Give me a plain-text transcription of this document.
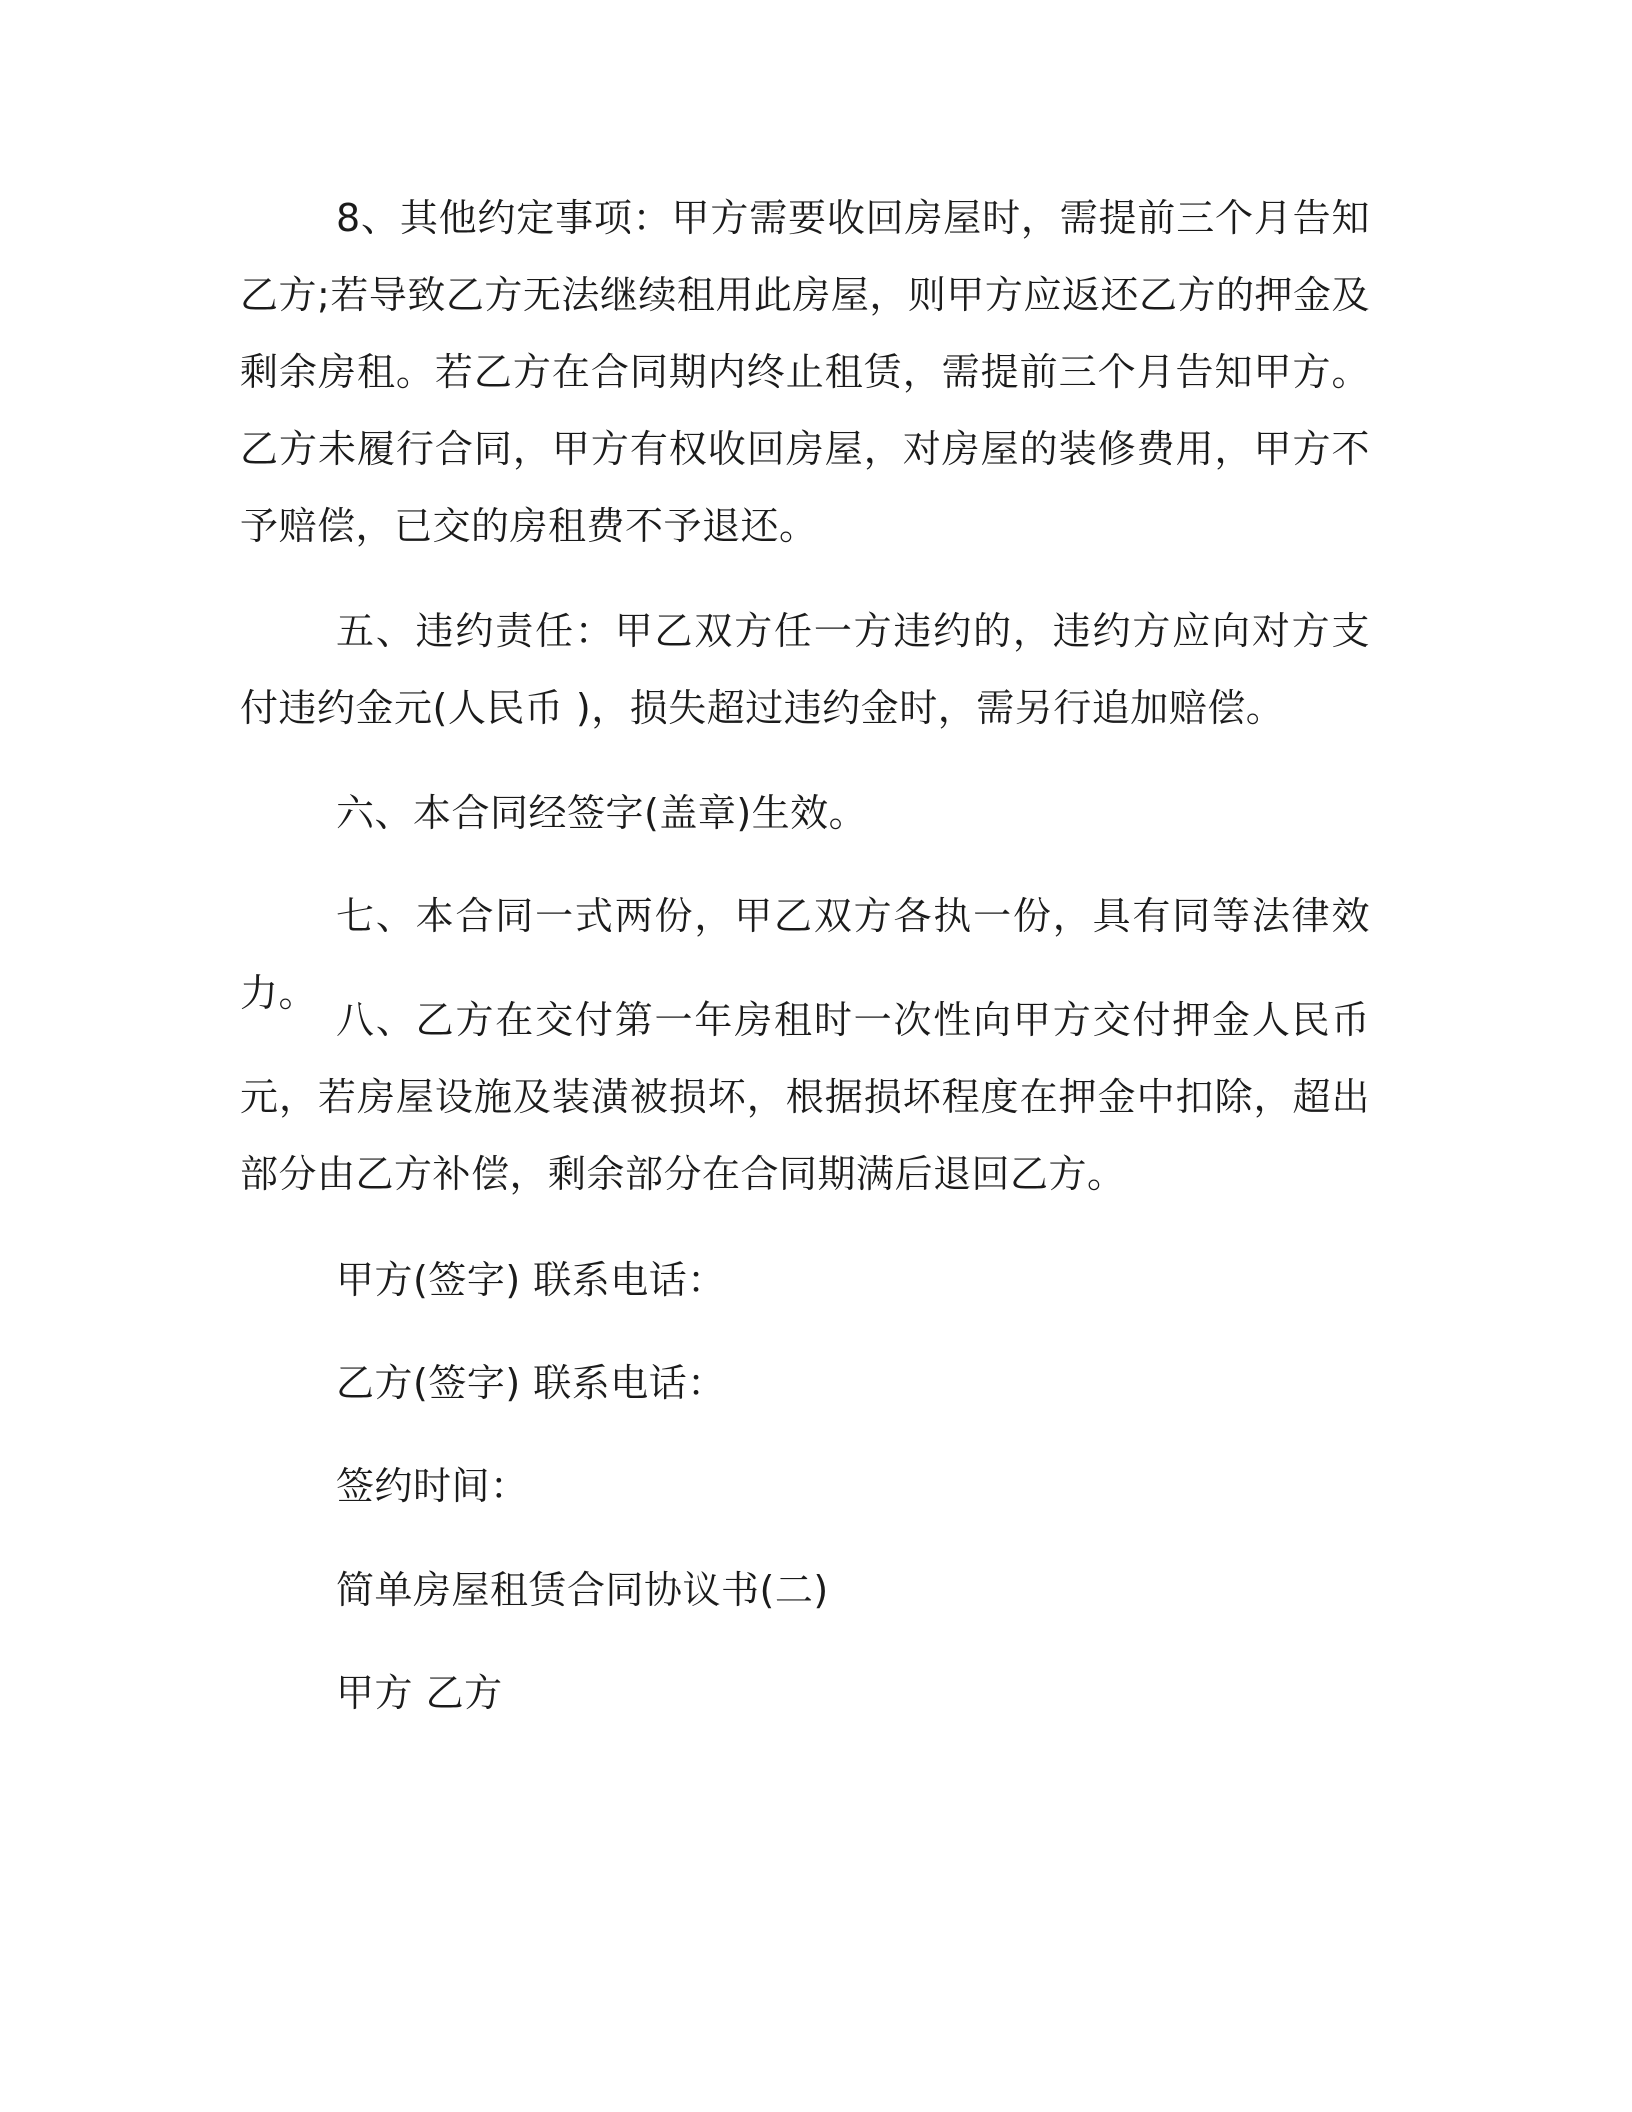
8、其他约定事项：甲方需要收回房屋时，需提前三个月告知乙方;若导致乙方无法继续租用此房屋，则甲方应返还乙方的押金及剩余房租。若乙方在合同期内终止租赁，需提前三个月告知甲方。乙方未履行合同，甲方有权收回房屋，对房屋的装修费用，甲方不予赔偿，已交的房租费不予退还。

五、违约责任：甲乙双方任一方违约的，违约方应向对方支付违约金元(人民币 )，损失超过违约金时，需另行追加赔偿。

六、本合同经签字(盖章)生效。

七、本合同一式两份，甲乙双方各执一份，具有同等法律效力。

八、乙方在交付第一年房租时一次性向甲方交付押金人民币元，若房屋设施及装潢被损坏，根据损坏程度在押金中扣除，超出部分由乙方补偿，剩余部分在合同期满后退回乙方。

甲方(签字) 联系电话：

乙方(签字) 联系电话：

签约时间：

简单房屋租赁合同协议书(二)

甲方 乙方
